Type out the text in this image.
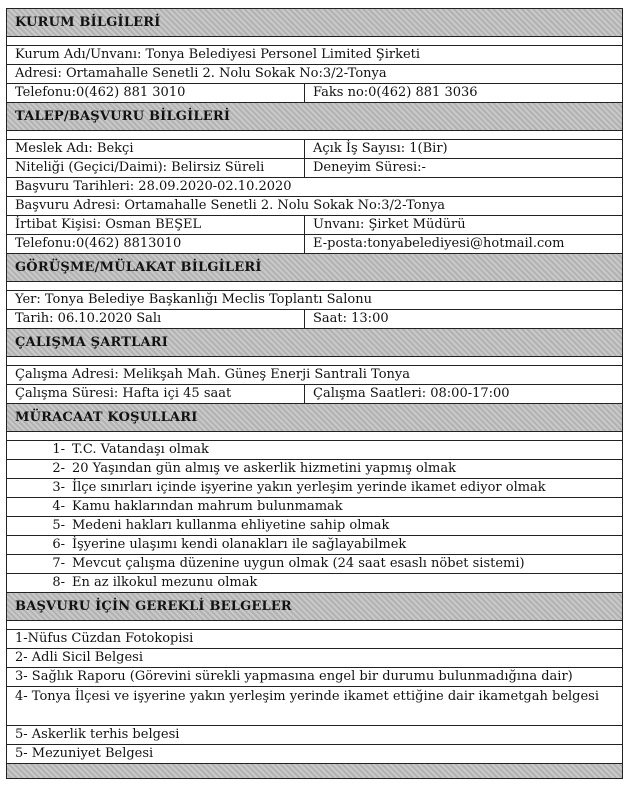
KURUM BİLGİLERİ
Kurum Adı/Unvanı: Tonya Belediyesi Personel Limited Şirketi
Adresi: Ortamahalle Senetli 2. Nolu Sokak No:3/2-Tonya
Telefonu:0(462) 881 3010	Faks no:0(462) 881 3036
TALEP/BAŞVURU BİLGİLERİ
Meslek Adı: Bekçi	Açık İş Sayısı: 1(Bir)
Niteliği (Geçici/Daimi): Belirsiz Süreli	Deneyim Süresi:-
Başvuru Tarihleri: 28.09.2020-02.10.2020
Başvuru Adresi: Ortamahalle Senetli 2. Nolu Sokak No:3/2-Tonya
İrtibat Kişisi: Osman BEŞEL	Unvanı: Şirket Müdürü
Telefonu:0(462) 8813010	E-posta:tonyabelediyesi@hotmail.com
GÖRÜŞME/MÜLAKAT BİLGİLERİ
Yer: Tonya Belediye Başkanlığı Meclis Toplantı Salonu
Tarih: 06.10.2020 Salı	Saat: 13:00
ÇALIŞMA ŞARTLARI
Çalışma Adresi: Melikşah Mah. Güneş Enerji Santrali Tonya
Çalışma Süresi: Hafta içi 45 saat	Çalışma Saatleri: 08:00-17:00
MÜRACAAT KOŞULLARI
1- T.C. Vatandaşı olmak
2- 20 Yaşından gün almış ve askerlik hizmetini yapmış olmak
3- İlçe sınırları içinde işyerine yakın yerleşim yerinde ikamet ediyor olmak
4- Kamu haklarından mahrum bulunmamak
5- Medeni hakları kullanma ehliyetine sahip olmak
6- İşyerine ulaşımı kendi olanakları ile sağlayabilmek
7- Mevcut çalışma düzenine uygun olmak (24 saat esaslı nöbet sistemi)
8- En az ilkokul mezunu olmak
BAŞVURU İÇİN GEREKLİ BELGELER
1-Nüfus Cüzdan Fotokopisi
2- Adli Sicil Belgesi
3- Sağlık Raporu (Görevini sürekli yapmasına engel bir durumu bulunmadığına dair)
4- Tonya İlçesi ve işyerine yakın yerleşim yerinde ikamet ettiğine dair ikametgah belgesi
5- Askerlik terhis belgesi
5- Mezuniyet Belgesi
